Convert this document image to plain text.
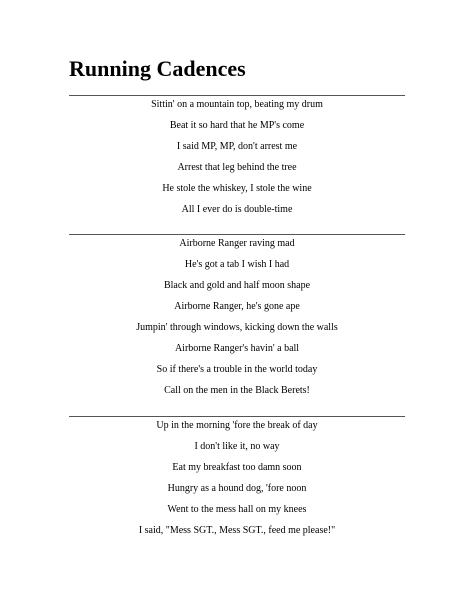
Running Cadences
Sittin' on a mountain top, beating my drum
Beat it so hard that he MP's come
I said MP, MP, don't arrest me
Arrest that leg behind the tree
He stole the whiskey, I stole the wine
All I ever do is double-time
Airborne Ranger raving mad
He's got a tab I wish I had
Black and gold and half moon shape
Airborne Ranger, he's gone ape
Jumpin' through windows, kicking down the walls
Airborne Ranger's havin' a ball
So if there's a trouble in the world today
Call on the men in the Black Berets!
Up in the morning 'fore the break of day
I don't like it, no way
Eat my breakfast too damn soon
Hungry as a hound dog, 'fore noon
Went to the mess hall on my knees
I said, "Mess SGT., Mess SGT., feed me please!"
